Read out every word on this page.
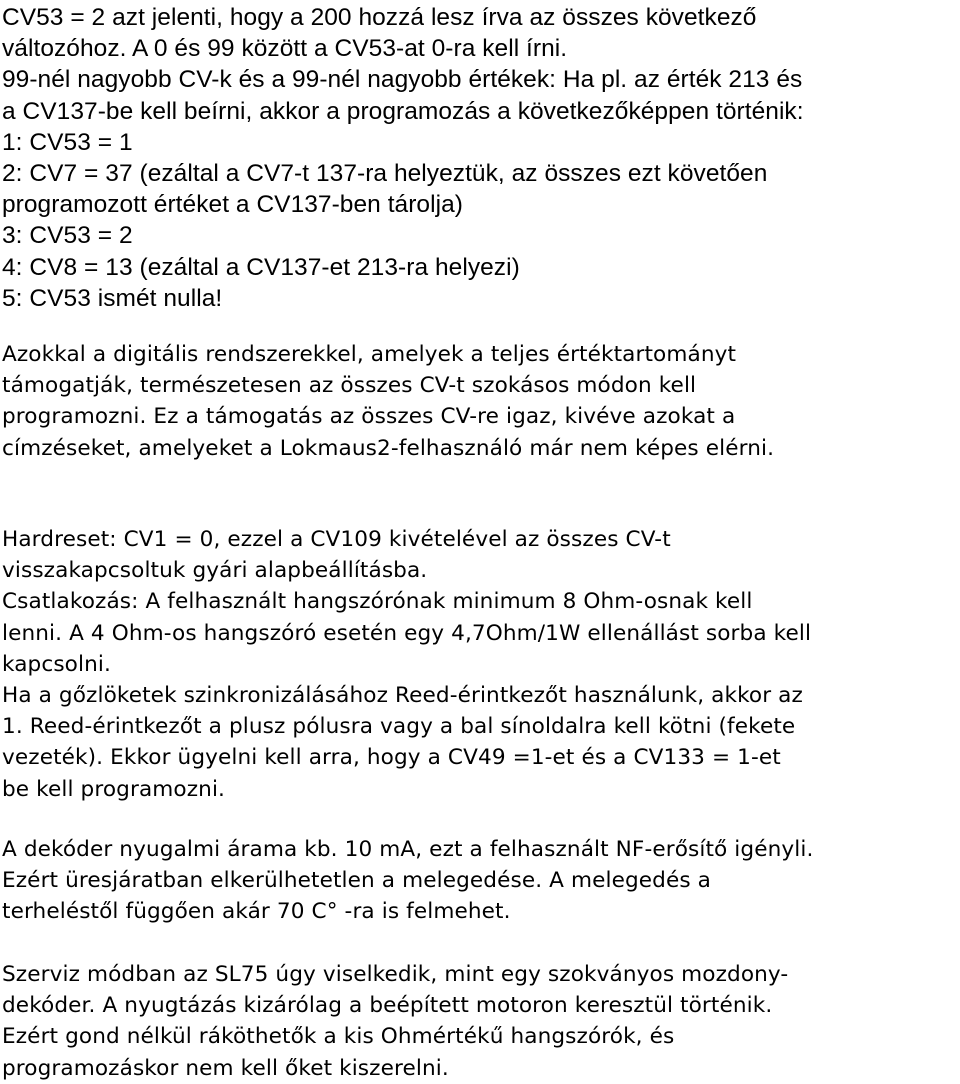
CV53 = 2 azt jelenti, hogy a 200 hozzá lesz írva az összes következő
változóhoz. A 0 és 99 között a CV53-at 0-ra kell írni.
99-nél nagyobb CV-k és a 99-nél nagyobb értékek: Ha pl. az érték 213 és
a CV137-be kell beírni, akkor a programozás a következőképpen történik:
1: CV53 = 1
2: CV7 = 37 (ezáltal a CV7-t 137-ra helyeztük, az összes ezt követően
programozott értéket a CV137-ben tárolja)
3: CV53 = 2
4: CV8 = 13 (ezáltal a CV137-et 213-ra helyezi)
5: CV53 ismét nulla!
Azokkal a digitális rendszerekkel, amelyek a teljes értéktartományt
támogatják, természetesen az összes CV-t szokásos módon kell
programozni. Ez a támogatás az összes CV-re igaz, kivéve azokat a
címzéseket, amelyeket a Lokmaus2-felhasználó már nem képes elérni.
Hardreset: CV1 = 0, ezzel a CV109 kivételével az összes CV-t
visszakapcsoltuk gyári alapbeállításba.
Csatlakozás: A felhasznált hangszórónak minimum 8 Ohm-osnak kell
lenni. A 4 Ohm-os hangszóró esetén egy 4,7Ohm/1W ellenállást sorba kell
kapcsolni.
Ha a gőzlöketek szinkronizálásához Reed-érintkezőt használunk, akkor az
1. Reed-érintkezőt a plusz pólusra vagy a bal sínoldalra kell kötni (fekete
vezeték). Ekkor ügyelni kell arra, hogy a CV49 =1-et és a CV133 = 1-et
be kell programozni.
A dekóder nyugalmi árama kb. 10 mA, ezt a felhasznált NF-erősítő igényli.
Ezért üresjáratban elkerülhetetlen a melegedése. A melegedés a
terheléstől függően akár 70 C° -ra is felmehet.
Szerviz módban az SL75 úgy viselkedik, mint egy szokványos mozdony-
dekóder. A nyugtázás kizárólag a beépített motoron keresztül történik.
Ezért gond nélkül ráköthetők a kis Ohmértékű hangszórók, és
programozáskor nem kell őket kiszerelni.
